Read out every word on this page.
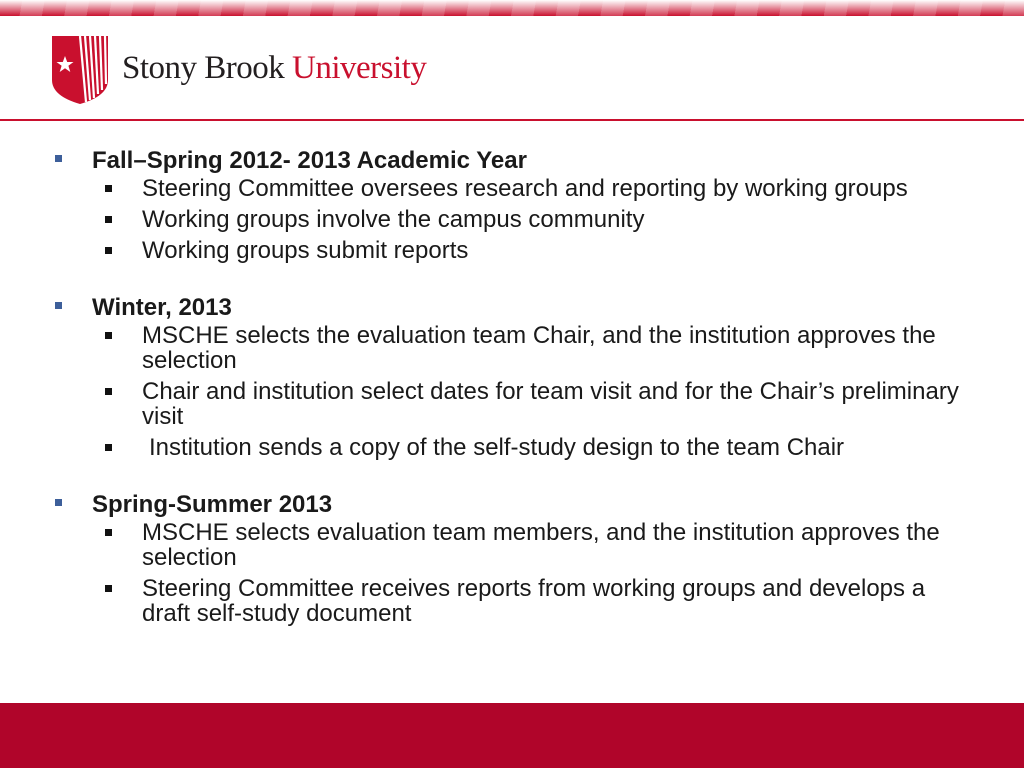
Stony Brook University
Fall–Spring 2012- 2013 Academic Year
Steering Committee oversees research and reporting by working groups
Working groups involve the campus community
Working groups submit reports
Winter, 2013
MSCHE selects the evaluation team Chair, and the institution approves the selection
Chair and institution select dates for team visit and for the Chair’s preliminary visit
Institution sends a copy of the self-study design to the team Chair
Spring-Summer 2013
MSCHE selects evaluation team members, and the institution approves the selection
Steering Committee receives reports from working groups and develops a draft self-study document
